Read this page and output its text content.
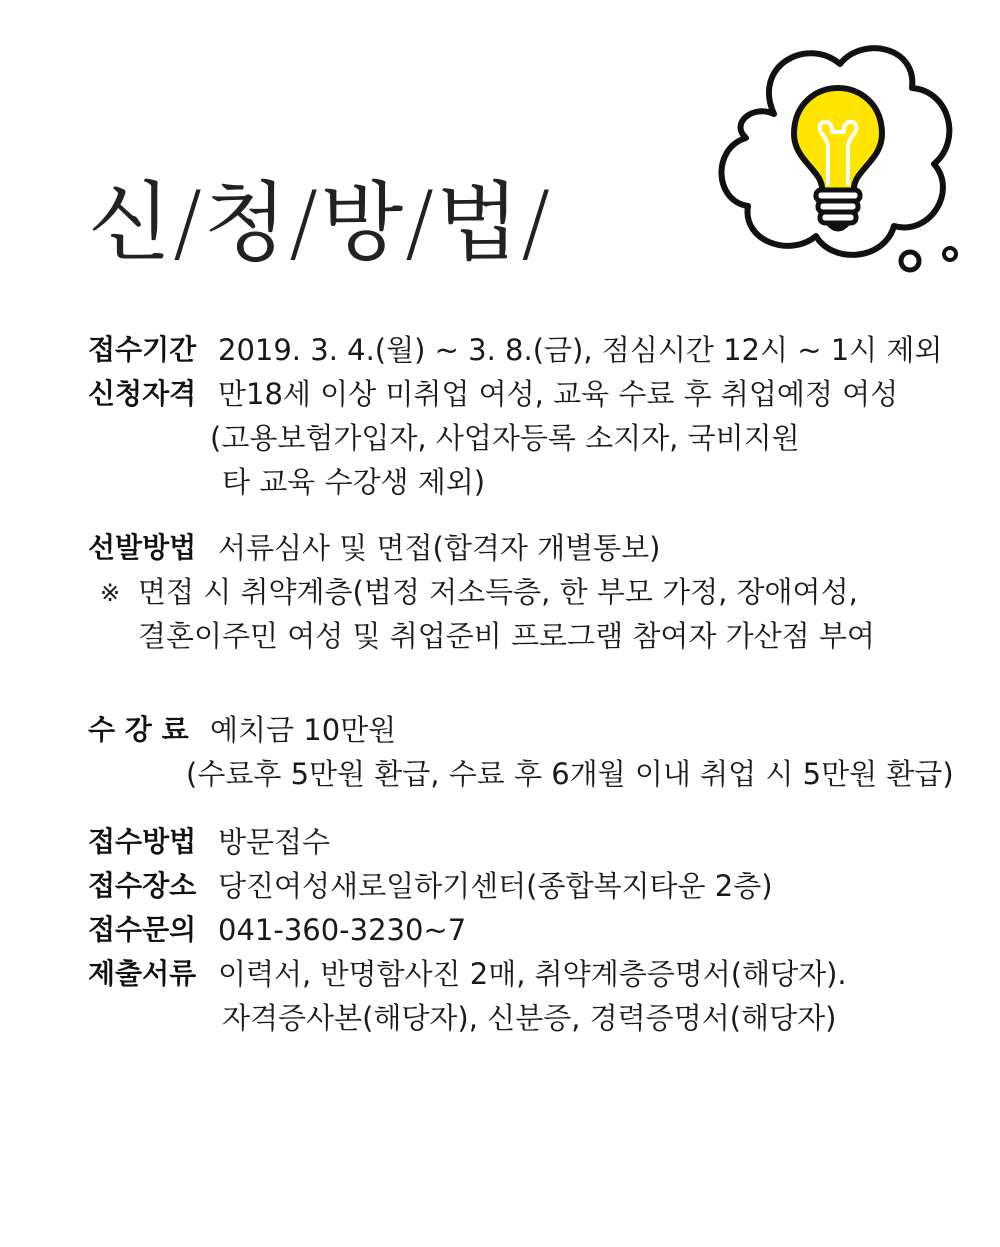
신/청/방/법/
접수기간 2019. 3. 4.(월) ~ 3. 8.(금), 점심시간 12시 ~ 1시 제외
신청자격 만18세 이상 미취업 여성, 교육 수료 후 취업예정 여성
(고용보험가입자, 사업자등록 소지자, 국비지원
타 교육 수강생 제외)
선발방법 서류심사 및 면접(합격자 개별통보)
※ 면접 시 취약계층(법정 저소득층, 한 부모 가정, 장애여성,
결혼이주민 여성 및 취업준비 프로그램 참여자 가산점 부여
수 강 료 예치금 10만원
(수료후 5만원 환급, 수료 후 6개월 이내 취업 시 5만원 환급)
접수방법 방문접수
접수장소 당진여성새로일하기센터(종합복지타운 2층)
접수문의 041-360-3230~7
제출서류 이력서, 반명함사진 2매, 취약계층증명서(해당자).
자격증사본(해당자), 신분증, 경력증명서(해당자)
